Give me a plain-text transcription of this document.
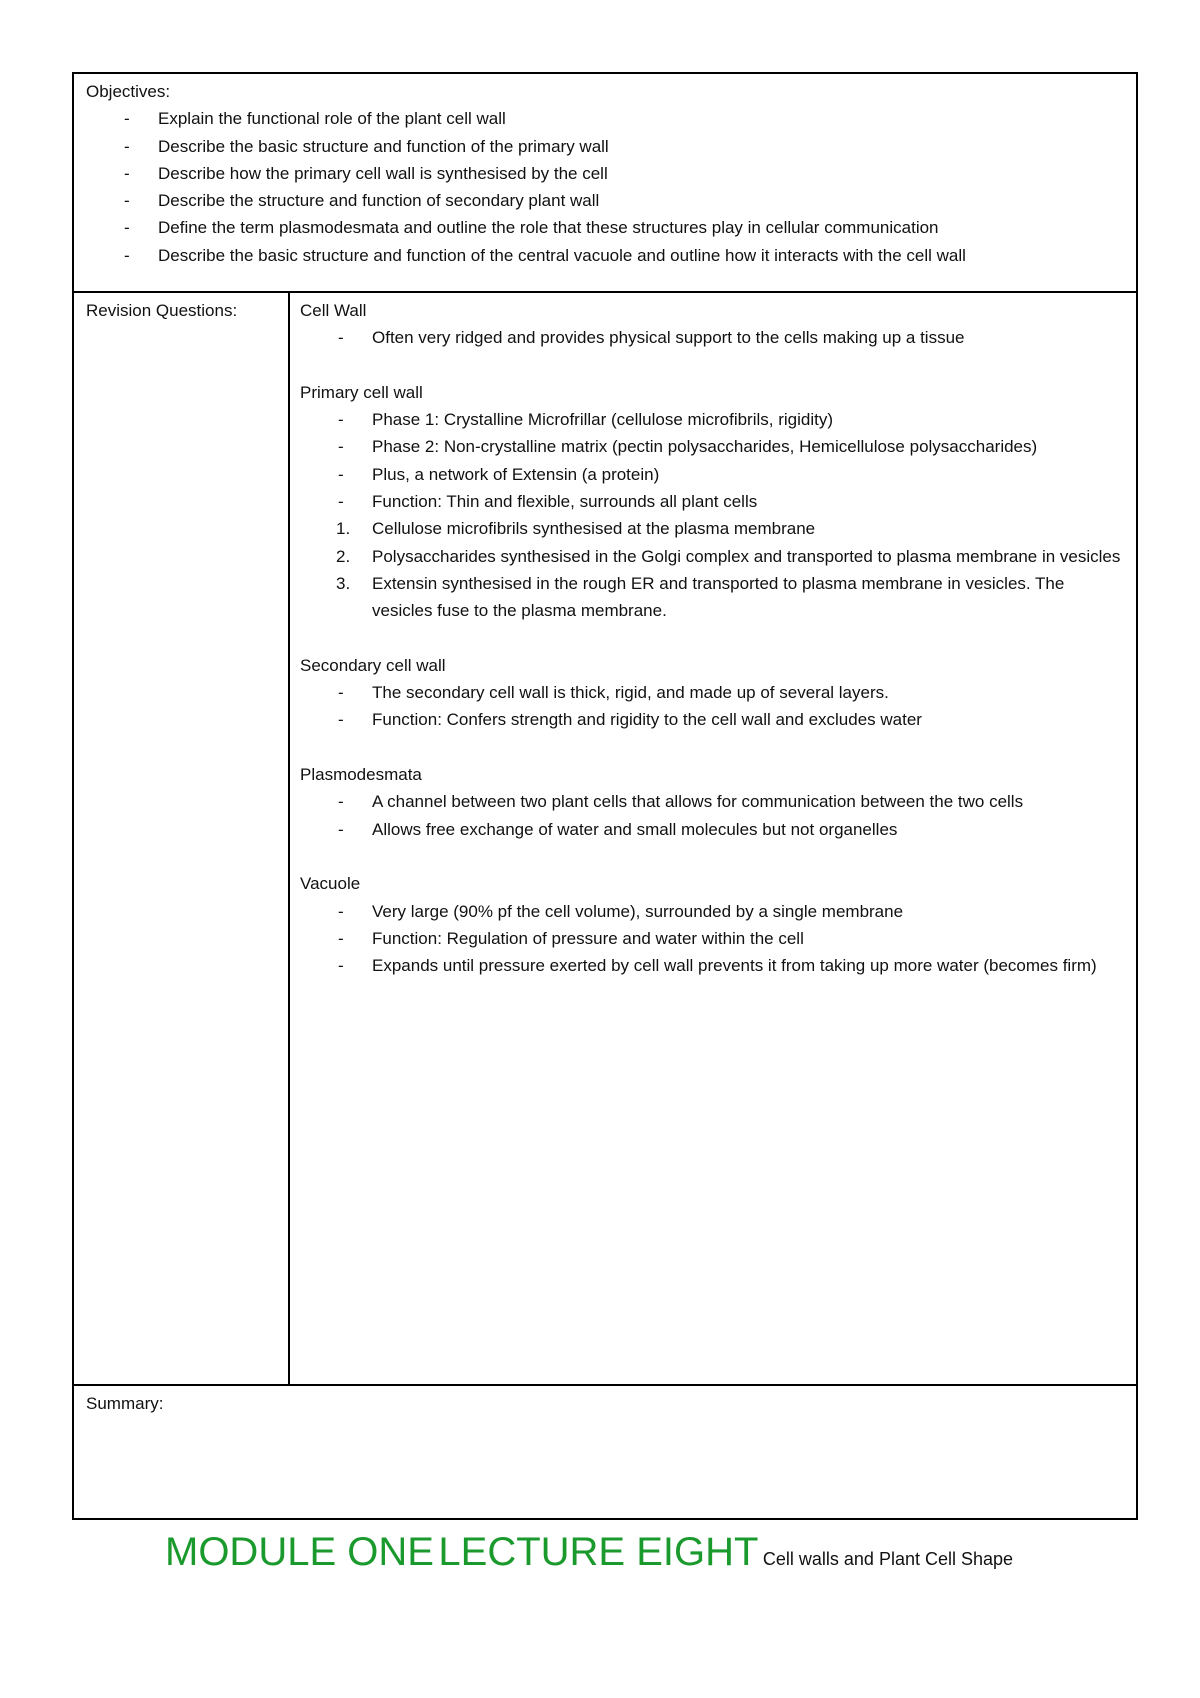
Objectives:
- Explain the functional role of the plant cell wall
- Describe the basic structure and function of the primary wall
- Describe how the primary cell wall is synthesised by the cell
- Describe the structure and function of secondary plant wall
- Define the term plasmodesmata and outline the role that these structures play in cellular communication
- Describe the basic structure and function of the central vacuole and outline how it interacts with the cell wall
Revision Questions:	Cell Wall
- Often very ridged and provides physical support to the cells making up a tissue
Primary cell wall
- Phase 1: Crystalline Microfrillar (cellulose microfibrils, rigidity)
- Phase 2: Non-crystalline matrix (pectin polysaccharides, Hemicellulose polysaccharides)
- Plus, a network of Extensin (a protein)
- Function: Thin and flexible, surrounds all plant cells
1. Cellulose microfibrils synthesised at the plasma membrane
2. Polysaccharides synthesised in the Golgi complex and transported to plasma membrane in vesicles
3. Extensin synthesised in the rough ER and transported to plasma membrane in vesicles. The vesicles fuse to the plasma membrane.
Secondary cell wall
- The secondary cell wall is thick, rigid, and made up of several layers.
- Function: Confers strength and rigidity to the cell wall and excludes water
Plasmodesmata
- A channel between two plant cells that allows for communication between the two cells
- Allows free exchange of water and small molecules but not organelles
Vacuole
- Very large (90% pf the cell volume), surrounded by a single membrane
- Function: Regulation of pressure and water within the cell
- Expands until pressure exerted by cell wall prevents it from taking up more water (becomes firm)
Summary:
MODULE ONE LECTURE EIGHT Cell walls and Plant Cell Shape
